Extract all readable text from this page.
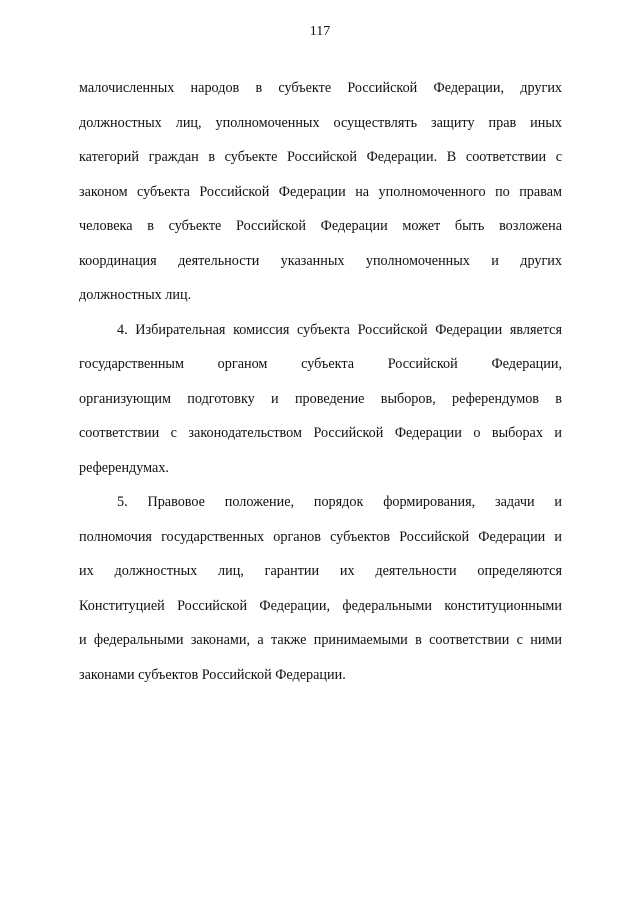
117
малочисленных народов в субъекте Российской Федерации, других
должностных лиц, уполномоченных осуществлять защиту прав иных
категорий граждан в субъекте Российской Федерации. В соответствии с
законом субъекта Российской Федерации на уполномоченного по правам
человека в субъекте Российской Федерации может быть возложена
координация деятельности указанных уполномоченных и других
должностных лиц.
4. Избирательная комиссия субъекта Российской Федерации является
государственным органом субъекта Российской Федерации,
организующим подготовку и проведение выборов, референдумов в
соответствии с законодательством Российской Федерации о выборах и
референдумах.
5. Правовое положение, порядок формирования, задачи и
полномочия государственных органов субъектов Российской Федерации и
их должностных лиц, гарантии их деятельности определяются
Конституцией Российской Федерации, федеральными конституционными
и федеральными законами, а также принимаемыми в соответствии с ними
законами субъектов Российской Федерации.
